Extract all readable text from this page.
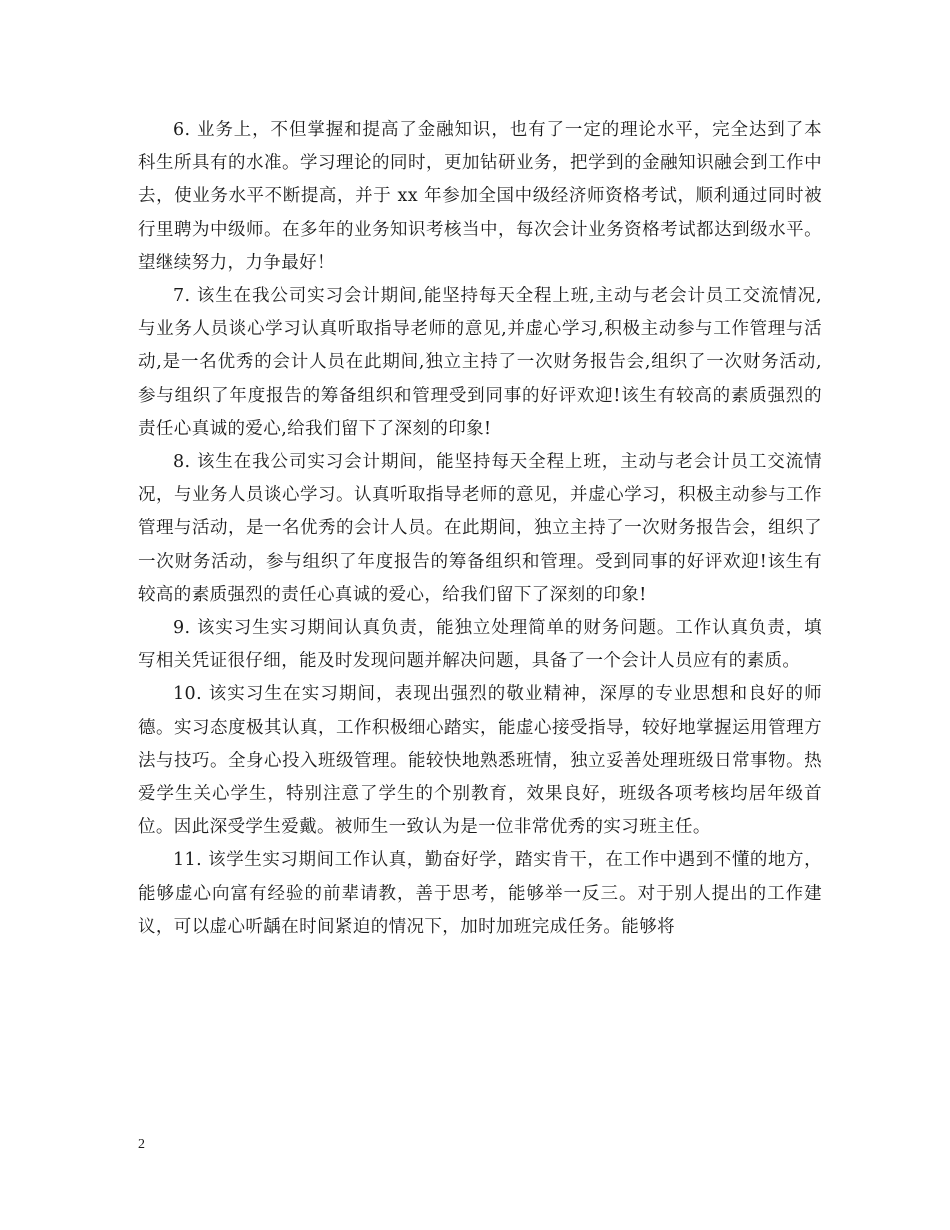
6. 业务上，不但掌握和提高了金融知识，也有了一定的理论水平，完全达到了本科生所具有的水准。学习理论的同时，更加钻研业务，把学到的金融知识融会到工作中去，使业务水平不断提高，并于 xx 年参加全国中级经济师资格考试，顺利通过同时被行里聘为中级师。在多年的业务知识考核当中，每次会计业务资格考试都达到级水平。望继续努力，力争最好！

7. 该生在我公司实习会计期间,能坚持每天全程上班,主动与老会计员工交流情况,与业务人员谈心学习认真听取指导老师的意见,并虚心学习,积极主动参与工作管理与活动,是一名优秀的会计人员在此期间,独立主持了一次财务报告会,组织了一次财务活动,参与组织了年度报告的筹备组织和管理受到同事的好评欢迎!该生有较高的素质强烈的责任心真诚的爱心,给我们留下了深刻的印象!

8. 该生在我公司实习会计期间，能坚持每天全程上班，主动与老会计员工交流情况，与业务人员谈心学习。认真听取指导老师的意见，并虚心学习，积极主动参与工作管理与活动，是一名优秀的会计人员。在此期间，独立主持了一次财务报告会，组织了一次财务活动，参与组织了年度报告的筹备组织和管理。受到同事的好评欢迎!该生有较高的素质强烈的责任心真诚的爱心，给我们留下了深刻的印象!

9. 该实习生实习期间认真负责，能独立处理简单的财务问题。工作认真负责，填写相关凭证很仔细，能及时发现问题并解决问题，具备了一个会计人员应有的素质。

10. 该实习生在实习期间，表现出强烈的敬业精神，深厚的专业思想和良好的师德。实习态度极其认真，工作积极细心踏实，能虚心接受指导，较好地掌握运用管理方法与技巧。全身心投入班级管理。能较快地熟悉班情，独立妥善处理班级日常事物。热爱学生关心学生，特别注意了学生的个别教育，效果良好，班级各项考核均居年级首位。因此深受学生爱戴。被师生一致认为是一位非常优秀的实习班主任。

11. 该学生实习期间工作认真，勤奋好学，踏实肯干，在工作中遇到不懂的地方，能够虚心向富有经验的前辈请教，善于思考，能够举一反三。对于别人提出的工作建议，可以虚心听龋在时间紧迫的情况下，加时加班完成任务。能够将

2
